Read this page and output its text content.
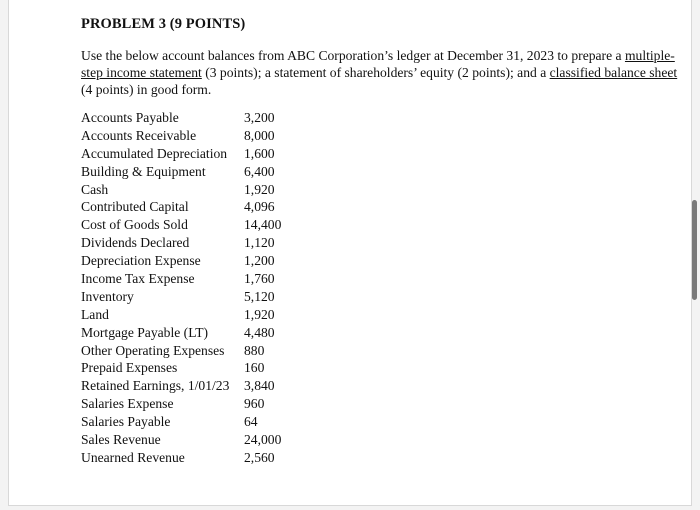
PROBLEM 3 (9 POINTS)
Use the below account balances from ABC Corporation’s ledger at December 31, 2023 to prepare a multiple-step income statement (3 points); a statement of shareholders’ equity (2 points); and a classified balance sheet (4 points) in good form.
Accounts Payable	3,200
Accounts Receivable	8,000
Accumulated Depreciation	1,600
Building & Equipment	6,400
Cash	1,920
Contributed Capital	4,096
Cost of Goods Sold	14,400
Dividends Declared	1,120
Depreciation Expense	1,200
Income Tax Expense	1,760
Inventory	5,120
Land	1,920
Mortgage Payable (LT)	4,480
Other Operating Expenses	880
Prepaid Expenses	160
Retained Earnings, 1/01/23	3,840
Salaries Expense	960
Salaries Payable	64
Sales Revenue	24,000
Unearned Revenue	2,560
